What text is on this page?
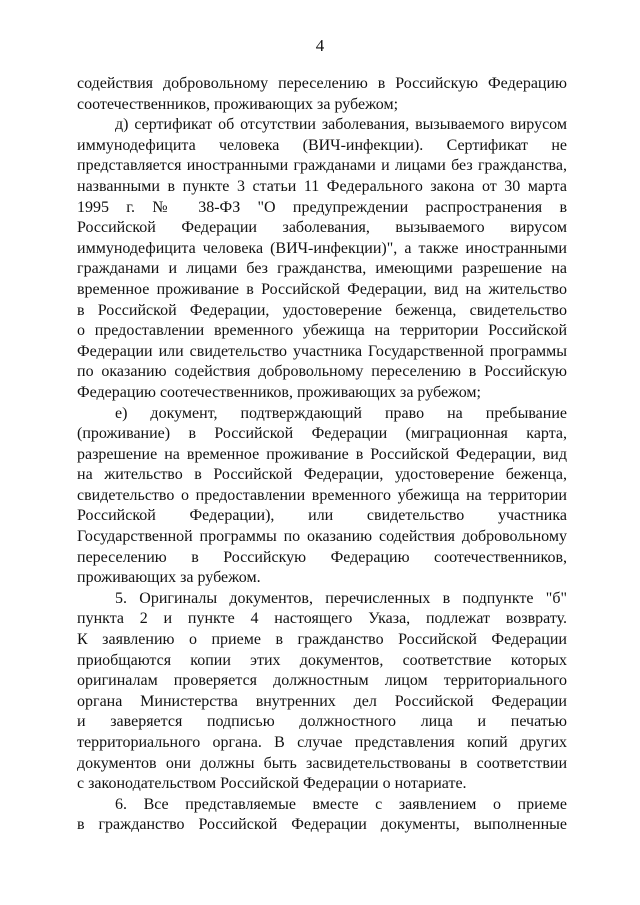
4
содействия добровольному переселению в Российскую Федерацию
соотечественников, проживающих за рубежом;
д) сертификат об отсутствии заболевания, вызываемого вирусом
иммунодефицита человека (ВИЧ-инфекции). Сертификат не
представляется иностранными гражданами и лицами без гражданства,
названными в пункте 3 статьи 11 Федерального закона от 30 марта
1995 г. № 38-ФЗ "О предупреждении распространения в
Российской Федерации заболевания, вызываемого вирусом
иммунодефицита человека (ВИЧ-инфекции)", а также иностранными
гражданами и лицами без гражданства, имеющими разрешение на
временное проживание в Российской Федерации, вид на жительство
в Российской Федерации, удостоверение беженца, свидетельство
о предоставлении временного убежища на территории Российской
Федерации или свидетельство участника Государственной программы
по оказанию содействия добровольному переселению в Российскую
Федерацию соотечественников, проживающих за рубежом;
е) документ, подтверждающий право на пребывание
(проживание) в Российской Федерации (миграционная карта,
разрешение на временное проживание в Российской Федерации, вид
на жительство в Российской Федерации, удостоверение беженца,
свидетельство о предоставлении временного убежища на территории
Российской Федерации), или свидетельство участника
Государственной программы по оказанию содействия добровольному
переселению в Российскую Федерацию соотечественников,
проживающих за рубежом.
5. Оригиналы документов, перечисленных в подпункте "б"
пункта 2 и пункте 4 настоящего Указа, подлежат возврату.
К заявлению о приеме в гражданство Российской Федерации
приобщаются копии этих документов, соответствие которых
оригиналам проверяется должностным лицом территориального
органа Министерства внутренних дел Российской Федерации
и заверяется подписью должностного лица и печатью
территориального органа. В случае представления копий других
документов они должны быть засвидетельствованы в соответствии
с законодательством Российской Федерации о нотариате.
6. Все представляемые вместе с заявлением о приеме
в гражданство Российской Федерации документы, выполненные
